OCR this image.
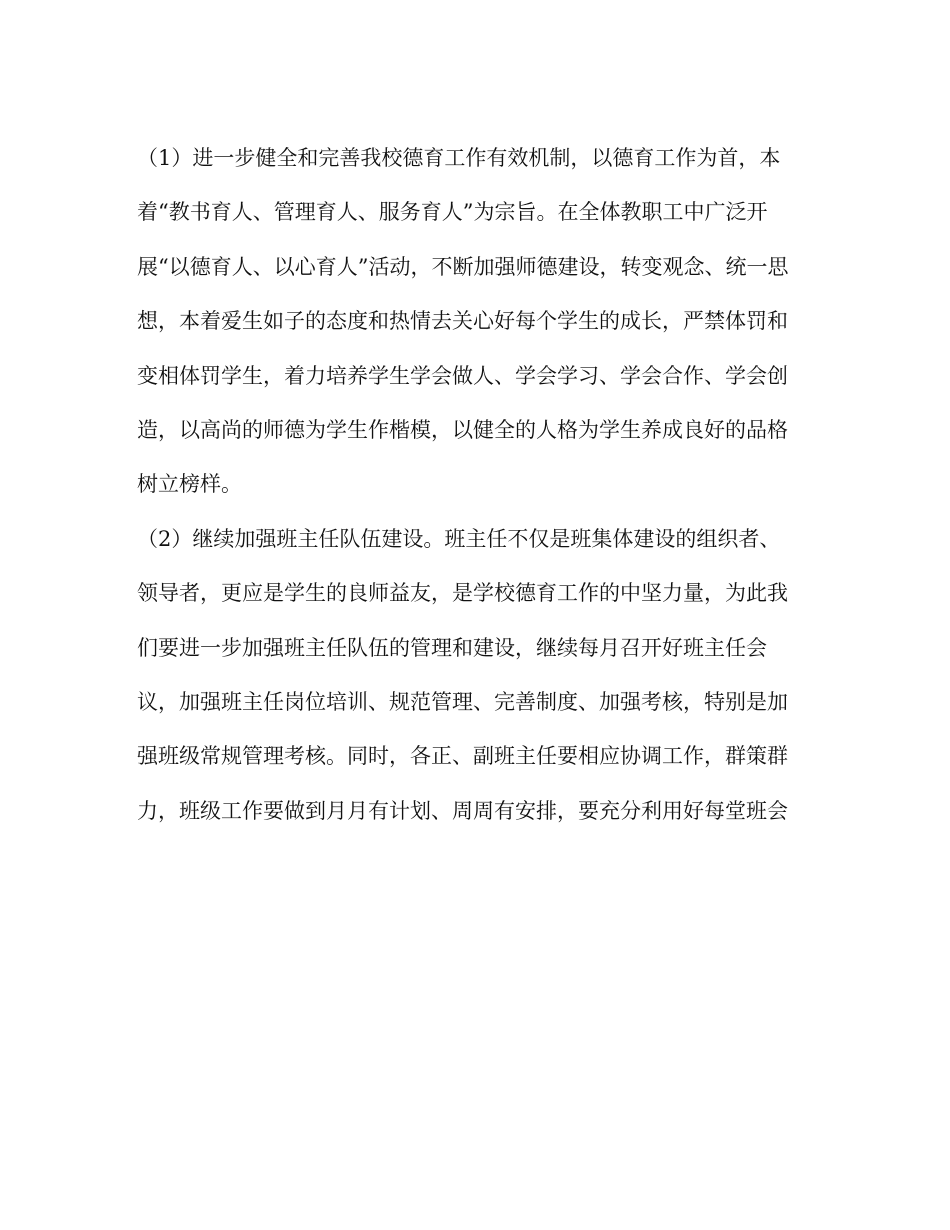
（1）进一步健全和完善我校德育工作有效机制，以德育工作为首，本
着“教书育人、管理育人、服务育人”为宗旨。在全体教职工中广泛开
展“以德育人、以心育人”活动，不断加强师德建设，转变观念、统一思
想，本着爱生如子的态度和热情去关心好每个学生的成长，严禁体罚和
变相体罚学生，着力培养学生学会做人、学会学习、学会合作、学会创
造，以高尚的师德为学生作楷模，以健全的人格为学生养成良好的品格
树立榜样。
（2）继续加强班主任队伍建设。班主任不仅是班集体建设的组织者、
领导者，更应是学生的良师益友，是学校德育工作的中坚力量，为此我
们要进一步加强班主任队伍的管理和建设，继续每月召开好班主任会
议，加强班主任岗位培训、规范管理、完善制度、加强考核，特别是加
强班级常规管理考核。同时，各正、副班主任要相应协调工作，群策群
力，班级工作要做到月月有计划、周周有安排，要充分利用好每堂班会
